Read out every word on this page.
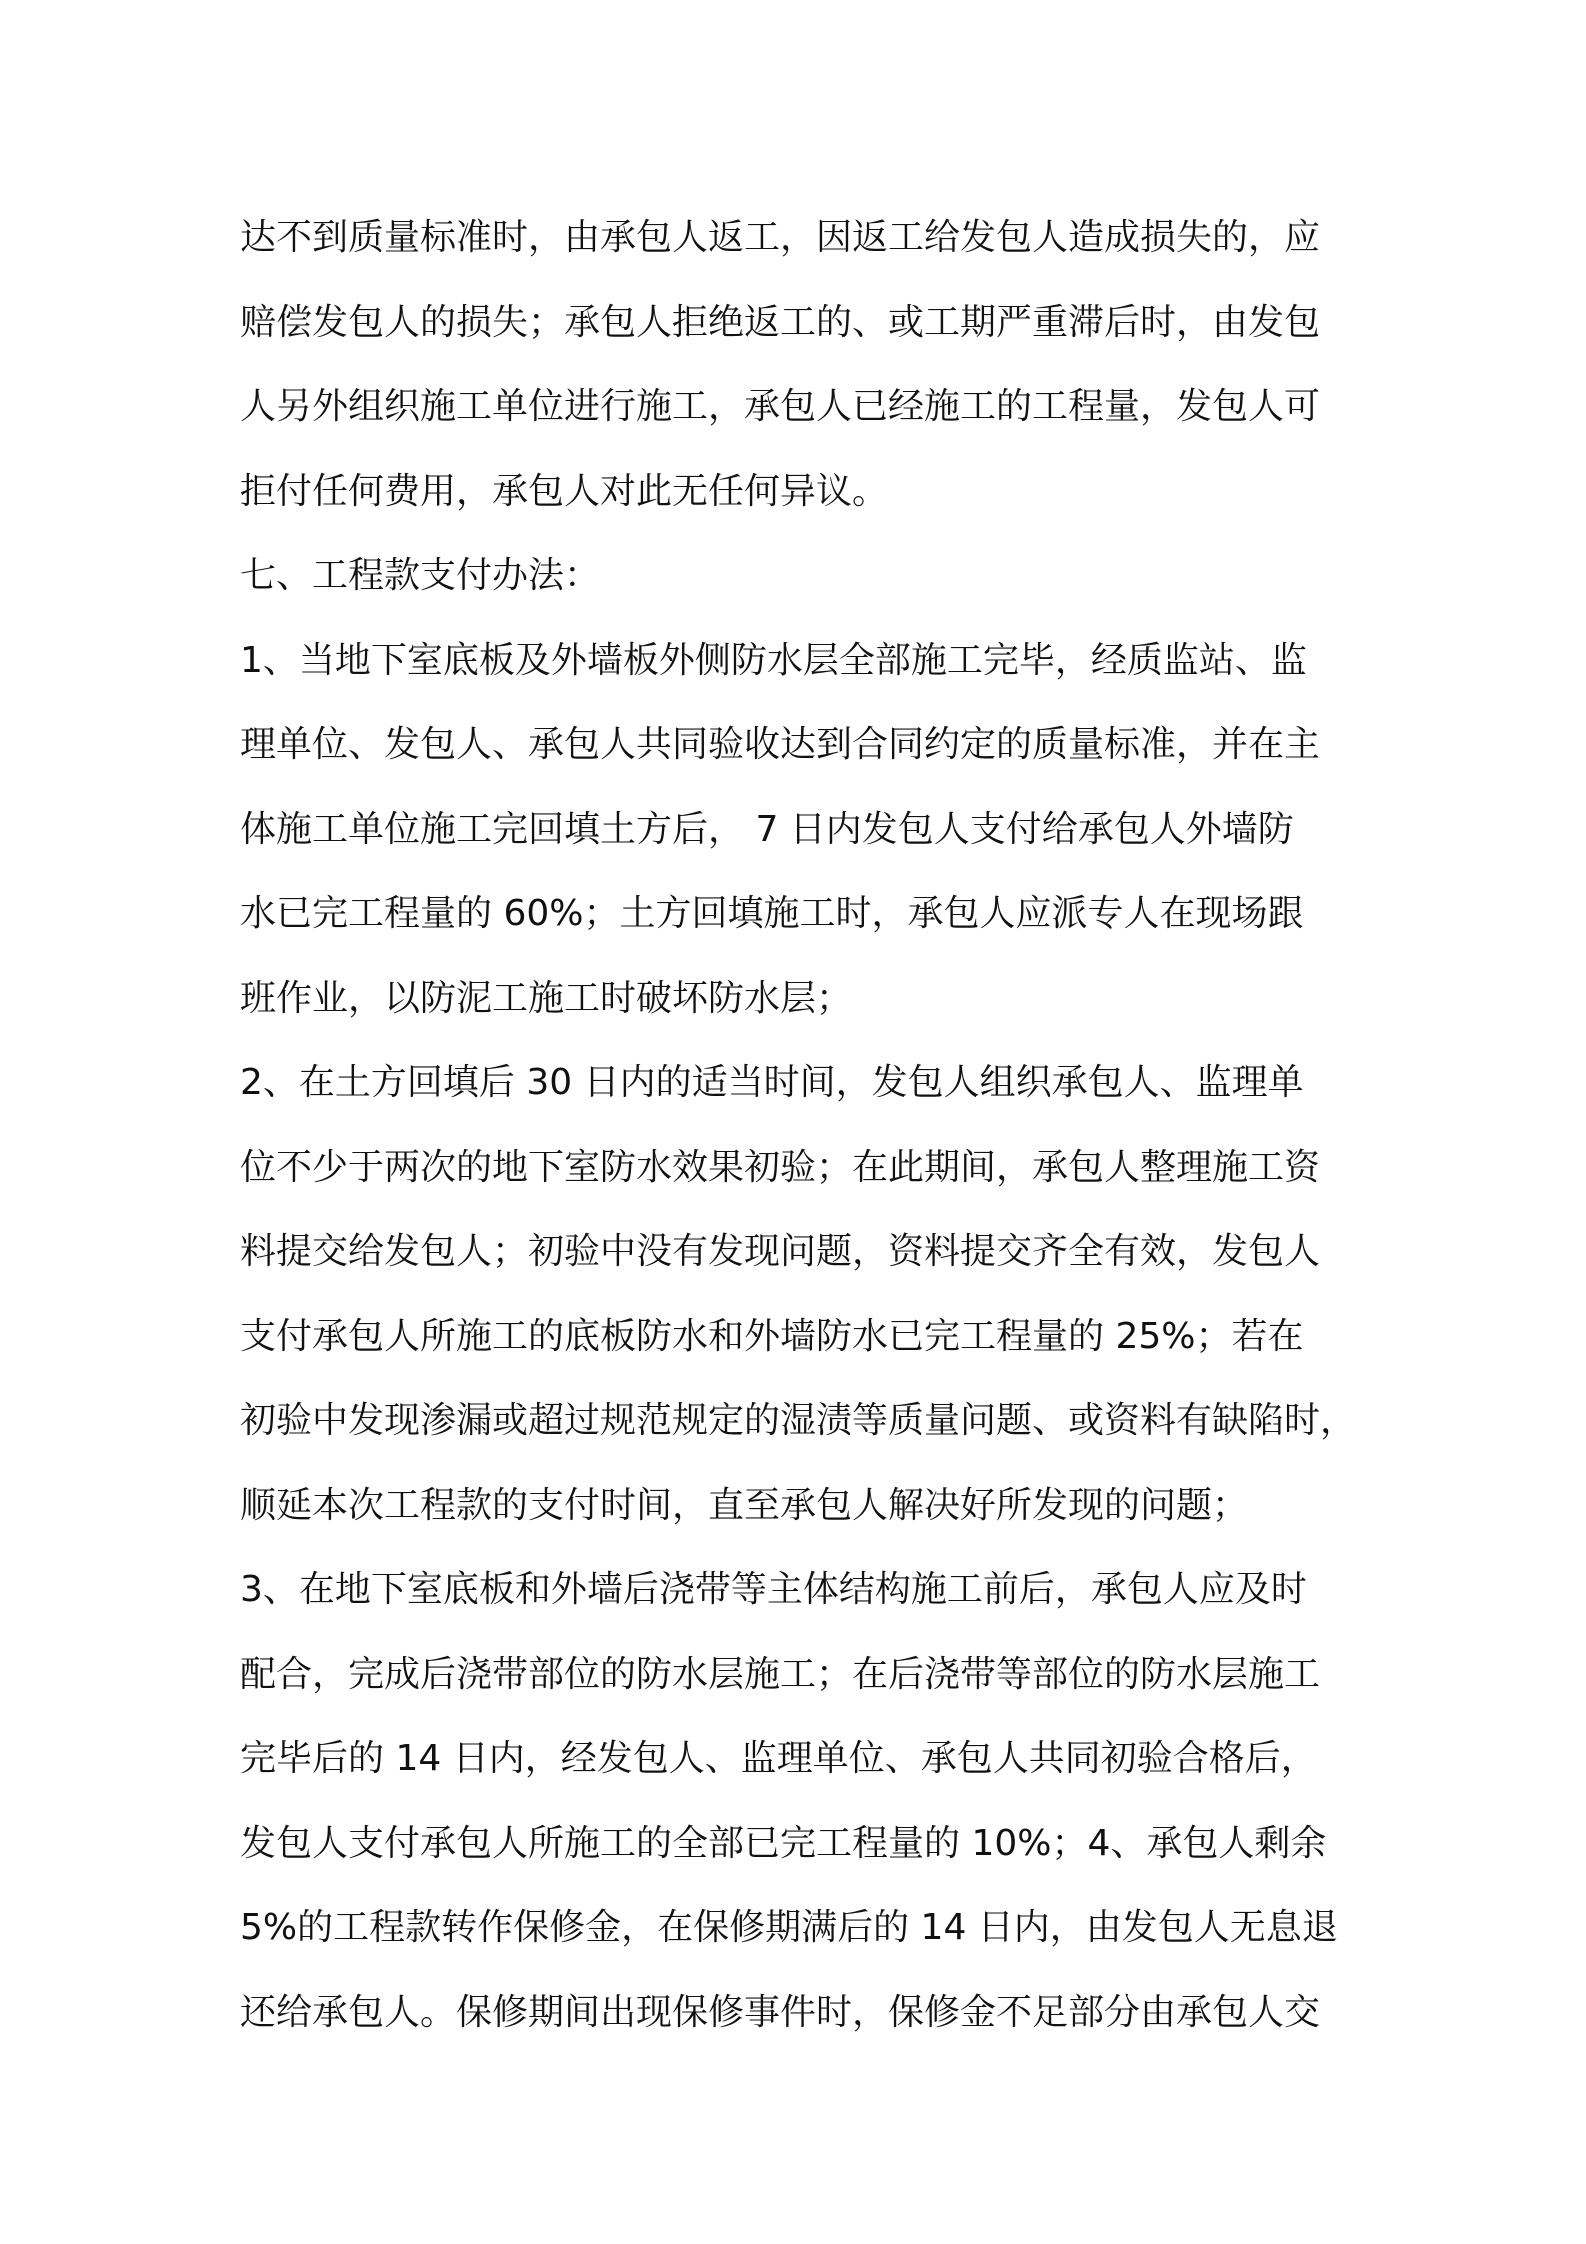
达不到质量标准时，由承包人返工，因返工给发包人造成损失的，应
赔偿发包人的损失；承包人拒绝返工的、或工期严重滞后时，由发包
人另外组织施工单位进行施工，承包人已经施工的工程量，发包人可
拒付任何费用，承包人对此无任何异议。
七、工程款支付办法：
1、当地下室底板及外墙板外侧防水层全部施工完毕，经质监站、监
理单位、发包人、承包人共同验收达到合同约定的质量标准，并在主
体施工单位施工完回填土方后， 7 日内发包人支付给承包人外墙防
水已完工程量的 60%；土方回填施工时，承包人应派专人在现场跟
班作业，以防泥工施工时破坏防水层；
2、在土方回填后 30 日内的适当时间，发包人组织承包人、监理单
位不少于两次的地下室防水效果初验；在此期间，承包人整理施工资
料提交给发包人；初验中没有发现问题，资料提交齐全有效，发包人
支付承包人所施工的底板防水和外墙防水已完工程量的 25%；若在
初验中发现渗漏或超过规范规定的湿渍等质量问题、或资料有缺陷时，
顺延本次工程款的支付时间，直至承包人解决好所发现的问题；
3、在地下室底板和外墙后浇带等主体结构施工前后，承包人应及时
配合，完成后浇带部位的防水层施工；在后浇带等部位的防水层施工
完毕后的 14 日内，经发包人、监理单位、承包人共同初验合格后，
发包人支付承包人所施工的全部已完工程量的 10%；4、承包人剩余
5%的工程款转作保修金，在保修期满后的 14 日内，由发包人无息退
还给承包人。保修期间出现保修事件时，保修金不足部分由承包人交
